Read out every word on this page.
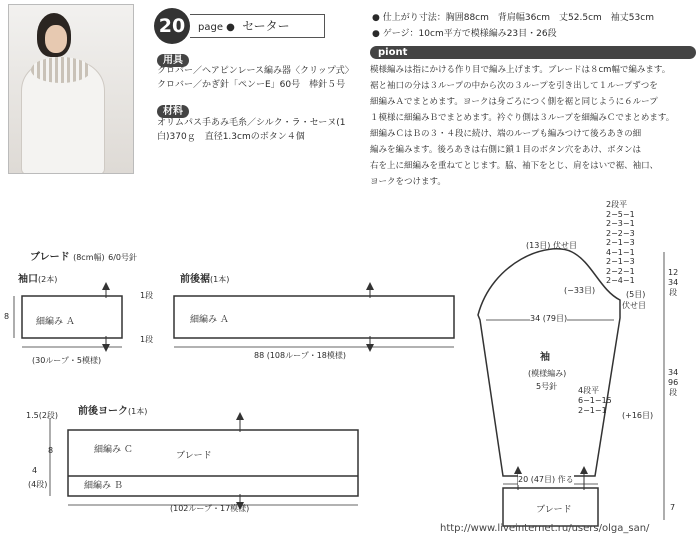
20	page ● セーター
用具
クロバー／ヘアピンレース編み器〈クリップ式〉
クロバー／かぎ針「ペンーE」60号　棒針５号
材料
オリムパス手あみ毛糸／シルク・ラ・セーヌ(1
白)370ｇ　直径1.3cmのボタン４個
● 仕上がり寸法：胸囲88cm　背肩幅36cm　丈52.5cm　袖丈53cm
● ゲージ：10cm平方で模様編み23目・26段
piont
模様編みは指にかける作り目で編み上げます。ブレードは８cm幅で編みます。
裾と袖口の分は３ループの中から次の３ループを引き出して１ループずつを
細編みＡでまとめます。ヨークは身ごろにつく側を裾と同じように６ループ
１模様に細編みＢでまとめます。衿ぐり側は３ループを細編みＣでまとめます。
細編みＣはＢの３・４段に続け、端のループも編みつけて後ろあきの細
編みを編みます。後ろあきは右側に鎖１目のボタン穴をあけ、ボタンは
右を上に細編みを重ねてとじます。脇、袖下をとじ、肩をはいで裾、袖口、
ヨークをつけます。
ブレード (8cm幅) 6/0号針
袖口(2本)
細編み Ａ
1段
1段
8
(30ループ・5模様)
前後裾(1本)
細編み Ａ
88 (108ループ・18模様)
前後ヨーク(1本)
細編み Ｃ
ブレード
細編み Ｂ
1.5(2段)
8
4
(4段)
(102ループ・17模様)
(13目) 伏せ目
(−33目)	(5目)
伏せ目
34 (79目)
袖
(模様編み)
5号針
2段平
2−5−1
2−3−1
2−2−3
2−1−3
4−1−1
2−1−3
2−2−1
2−4−1
4段平
6−1−15
2−1−1
(+16目)
20 (47目) 作る
ブレード
12
34
段
34
96
段
7
http://www.liveinternet.ru/users/olga_san/
